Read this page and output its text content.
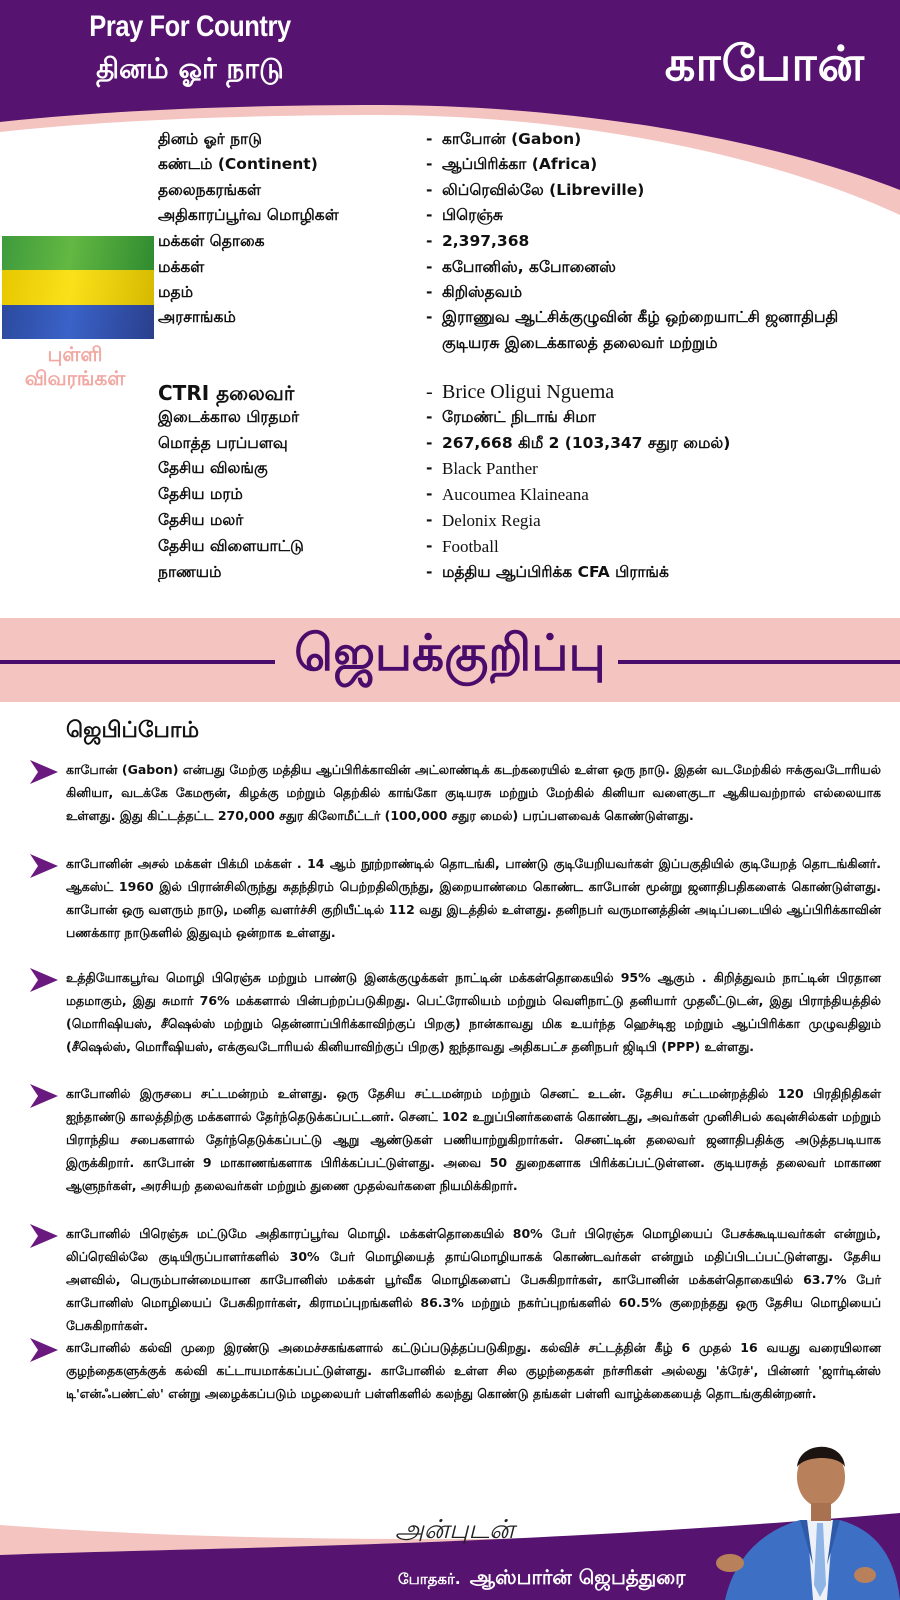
Pray For Country
தினம் ஓர் நாடு	காபோன்
புள்ளி
விவரங்கள்
தினம் ஓர் நாடு	- காபோன் (Gabon)
கண்டம் (Continent)	- ஆப்பிரிக்கா (Africa)
தலைநகரங்கள்	- லிப்ரெவில்லே (Libreville)
அதிகாரப்பூர்வ மொழிகள்	- பிரெஞ்சு
மக்கள் தொகை	- 2,397,368
மக்கள்	- கபோனிஸ், கபோனைஸ்
மதம்	- கிறிஸ்தவம்
அரசாங்கம்	- இராணுவ ஆட்சிக்குழுவின் கீழ் ஒற்றையாட்சி ஜனாதிபதி குடியரசு இடைக்காலத் தலைவர் மற்றும்
CTRI தலைவர்	- Brice Oligui Nguema
இடைக்கால பிரதமர்	- ரேமண்ட் நிடாங் சிமா
மொத்த பரப்பளவு	- 267,668 கிமீ 2 (103,347 சதுர மைல்)
தேசிய விலங்கு	- Black Panther
தேசிய மரம்	- Aucoumea Klaineana
தேசிய மலர்	- Delonix Regia
தேசிய விளையாட்டு	- Football
நாணயம்	- மத்திய ஆப்பிரிக்க CFA பிராங்க்
ஜெபக்குறிப்பு
ஜெபிப்போம்
காபோன் (Gabon) என்பது மேற்கு மத்திய ஆப்பிரிக்காவின் அட்லாண்டிக் கடற்கரையில் உள்ள ஒரு நாடு. இதன் வடமேற்கில் ஈக்குவடோரியல் கினியா, வடக்கே கேமரூன், கிழக்கு மற்றும் தெற்கில் காங்கோ குடியரசு மற்றும் மேற்கில் கினியா வளைகுடா ஆகியவற்றால் எல்லையாக உள்ளது. இது கிட்டத்தட்ட 270,000 சதுர கிலோமீட்டர் (100,000 சதுர மைல்) பரப்பளவைக் கொண்டுள்ளது.
காபோனின் அசல் மக்கள் பிக்மி மக்கள் . 14 ஆம் நூற்றாண்டில் தொடங்கி, பாண்டு குடியேறியவர்கள் இப்பகுதியில் குடியேறத் தொடங்கினர். ஆகஸ்ட் 1960 இல் பிரான்சிலிருந்து சுதந்திரம் பெற்றதிலிருந்து, இறையாண்மை கொண்ட காபோன் மூன்று ஜனாதிபதிகளைக் கொண்டுள்ளது. காபோன் ஒரு வளரும் நாடு, மனித வளர்ச்சி குறியீட்டில் 112 வது இடத்தில் உள்ளது. தனிநபர் வருமானத்தின் அடிப்படையில் ஆப்பிரிக்காவின் பணக்கார நாடுகளில் இதுவும் ஒன்றாக உள்ளது.
உத்தியோகபூர்வ மொழி பிரெஞ்சு மற்றும் பாண்டு இனக்குழுக்கள் நாட்டின் மக்கள்தொகையில் 95% ஆகும் . கிறித்துவம் நாட்டின் பிரதான மதமாகும், இது சுமார் 76% மக்களால் பின்பற்றப்படுகிறது. பெட்ரோலியம் மற்றும் வெளிநாட்டு தனியார் முதலீட்டுடன், இது பிராந்தியத்தில் (மொரிஷியஸ், சீஷெல்ஸ் மற்றும் தென்னாப்பிரிக்காவிற்குப் பிறகு) நான்காவது மிக உயர்ந்த ஹெச்டிஐ மற்றும் ஆப்பிரிக்கா முழுவதிலும் (சீஷெல்ஸ், மொரீஷியஸ், எக்குவடோரியல் கினியாவிற்குப் பிறகு) ஐந்தாவது அதிகபட்ச தனிநபர் ஜிடிபி (PPP) உள்ளது.
காபோனில் இருசபை சட்டமன்றம் உள்ளது. ஒரு தேசிய சட்டமன்றம் மற்றும் செனட் உடன். தேசிய சட்டமன்றத்தில் 120 பிரதிநிதிகள் ஐந்தாண்டு காலத்திற்கு மக்களால் தேர்ந்தெடுக்கப்பட்டனர். செனட் 102 உறுப்பினர்களைக் கொண்டது, அவர்கள் முனிசிபல் கவுன்சில்கள் மற்றும் பிராந்திய சபைகளால் தேர்ந்தெடுக்கப்பட்டு ஆறு ஆண்டுகள் பணியாற்றுகிறார்கள். செனட்டின் தலைவர் ஜனாதிபதிக்கு அடுத்தபடியாக இருக்கிறார். காபோன் 9 மாகாணங்களாக பிரிக்கப்பட்டுள்ளது. அவை 50 துறைகளாக பிரிக்கப்பட்டுள்ளன. குடியரசுத் தலைவர் மாகாண ஆளுநர்கள், அரசியற் தலைவர்கள் மற்றும் துணை முதல்வர்களை நியமிக்கிறார்.
காபோனில் பிரெஞ்சு மட்டுமே அதிகாரப்பூர்வ மொழி. மக்கள்தொகையில் 80% பேர் பிரெஞ்சு மொழியைப் பேசக்கூடியவர்கள் என்றும், லிப்ரெவில்லே குடியிருப்பாளர்களில் 30% பேர் மொழியைத் தாய்மொழியாகக் கொண்டவர்கள் என்றும் மதிப்பிடப்பட்டுள்ளது. தேசிய அளவில், பெரும்பான்மையான காபோனிஸ் மக்கள் பூர்வீக மொழிகளைப் பேசுகிறார்கள், காபோனின் மக்கள்தொகையில் 63.7% பேர் காபோனிஸ் மொழியைப் பேசுகிறார்கள், கிராமப்புறங்களில் 86.3% மற்றும் நகர்ப்புறங்களில் 60.5% குறைந்தது ஒரு தேசிய மொழியைப் பேசுகிறார்கள்.
காபோனில் கல்வி முறை இரண்டு அமைச்சகங்களால் கட்டுப்படுத்தப்படுகிறது. கல்விச் சட்டத்தின் கீழ் 6 முதல் 16 வயது வரையிலான குழந்தைகளுக்குக் கல்வி கட்டாயமாக்கப்பட்டுள்ளது. காபோனில் உள்ள சில குழந்தைகள் நர்சரிகள் அல்லது 'க்ரேச்', பின்னர் 'ஜார்டின்ஸ் டி'என்ஃபண்ட்ஸ்' என்று அழைக்கப்படும் மழலையர் பள்ளிகளில் கலந்து கொண்டு தங்கள் பள்ளி வாழ்க்கையைத் தொடங்குகின்றனர்.
அன்புடன்
போதகர். ஆஸ்பார்ன் ஜெபத்துரை
